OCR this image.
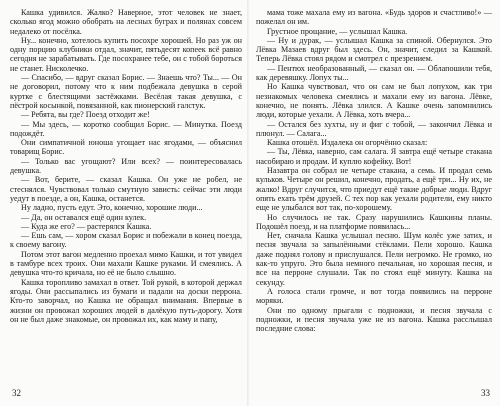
Кашка удивился. Жалко? Наверное, этот человек не знает, сколько ягод можно обобрать на лесных буграх и полянах совсем недалеко от посёлка.

Ну... конечно, хотелось купить посохре хорошей. Но раз уж он одну порцию клубники отдал, значит, пятьдесят копеек всё равно сегодня не зарабатывать. Где посохранее тебе, он с тобой бороться не станет. Нисколечко.

— Спасибо, — вдруг сказал Борис. — Знаешь что? Ты... — Он не договорил, потому что к ним подбежала девушка в серой куртке с блестящими застёжками. Весёлая такая девушка, с пёстрой косынкой, повязанной, как пионерский галстук.

— Ребята, вы где? Поезд отходит же!

— Мы здесь, — коротко сообщил Борис. — Минутка. Поезд подождёт.

Они симпатичной юноша угощает нас ягодами, — объяснил товарищ Борис.

— Только вас угощают? Или всех? — поинтересовалась девушка.

— Вот, берите, — сказал Кашка. Он уже не робел, не стеснялся. Чувствовал только смутную зависть: сейчас эти люди уедут в поезде, а он, Кашка, останется.

Ну ладно, пусть едут. Это, конечно, хорошие люди...

— Да, он оставался ещё один кулек.

— Куда же его? — растерялся Кашка.

— Ешь сам, — хором сказал Борис и побежали в конец поезда, к своему вагону.

Потом этот вагон медленно проехал мимо Кашки, и тот увидел в тамбуре всех троих. Они махали Кашке руками. И смеялись. А девушка что-то кричала, но её не было слышно.

Кашка торопливо замахал в ответ. Той рукой, в которой держал ягоды. Они рассыпались из бумаги и падали на доски перрона. Кто-то заворчал, но Кашка не обращал внимания. Впервые в жизни он провожал хороших людей в далёкую путь-дорогу. Хотя он не был даже знакомые, он провожал их, как маму и папу,

мама тоже махала ему из вагона. «Будь здоров и счастливо!» — пожелал он им.

Грустное прощание, — услышал Кашка.

— Ну и дурак, — услышал Кашка за спиной. Обернулся. Это Лёвка Мазаев вдруг был здесь. Он, значит, следил за Кашкой. Теперь Лёвка стоял рядом и смотрел с презрением.

— Пентюх необразованный, — сказал он. — Облапошили тебя, как деревяшку. Лопух ты...

Но Кашка чувствовал, что он сам не был лопухом, как три незнакомых человека смеялись и махали ему из вагона. Лёвке, конечно, не понять. Лёвка злился. А Кашке очень запомнились люди, которые уехали. А Лёвка, хоть вчера...

— Остался без хухты, ну и фиг с тобой, — закончил Лёвка и плюнул. — Салага...

Кашка отошёл. Издалека он огорчённо сказал:

— Ты, Лёвка, наверно, сам салага. Я завтра ещё четыре стакана насобираю и продам. И куплю кофейку. Вот!

Назавтра он собрал не четыре стакана, а семь. И продал семь кульков. Четыре он решил, конечно, продать, а ещё три... Ну их, не жалко! Вдруг случится, что приедут ещё такие добрые люди. Вдруг опять ехать трём друзей. С тех пор как уехали родители, ему никто еще не улыбался вот так, по-хорошему.

Но случилось не так. Сразу нарушились Кашкины планы. Подошёл поезд, и на платформе появилась...

Нет, сначала Кашка услышал песню. Шум колёс уже затих, и песня звучала за запылёнными стёклами. Пели хорошо. Кашка даже поднял голову и прислушался. Пели негромко. Не громко, но как-то упруго. Это была немного печальная, но хорошая песня, и все на перроне слушали. Так по стоял ещё минуту. Кашка на секунду.

А голоса стали громче, и вот тогда появились на перроне моряки.

Они по одному прыгали с подножки, и песня звучала с подножки, и песня звучала уже не из вагона. Кашка расслышал последние слова:

32	33
